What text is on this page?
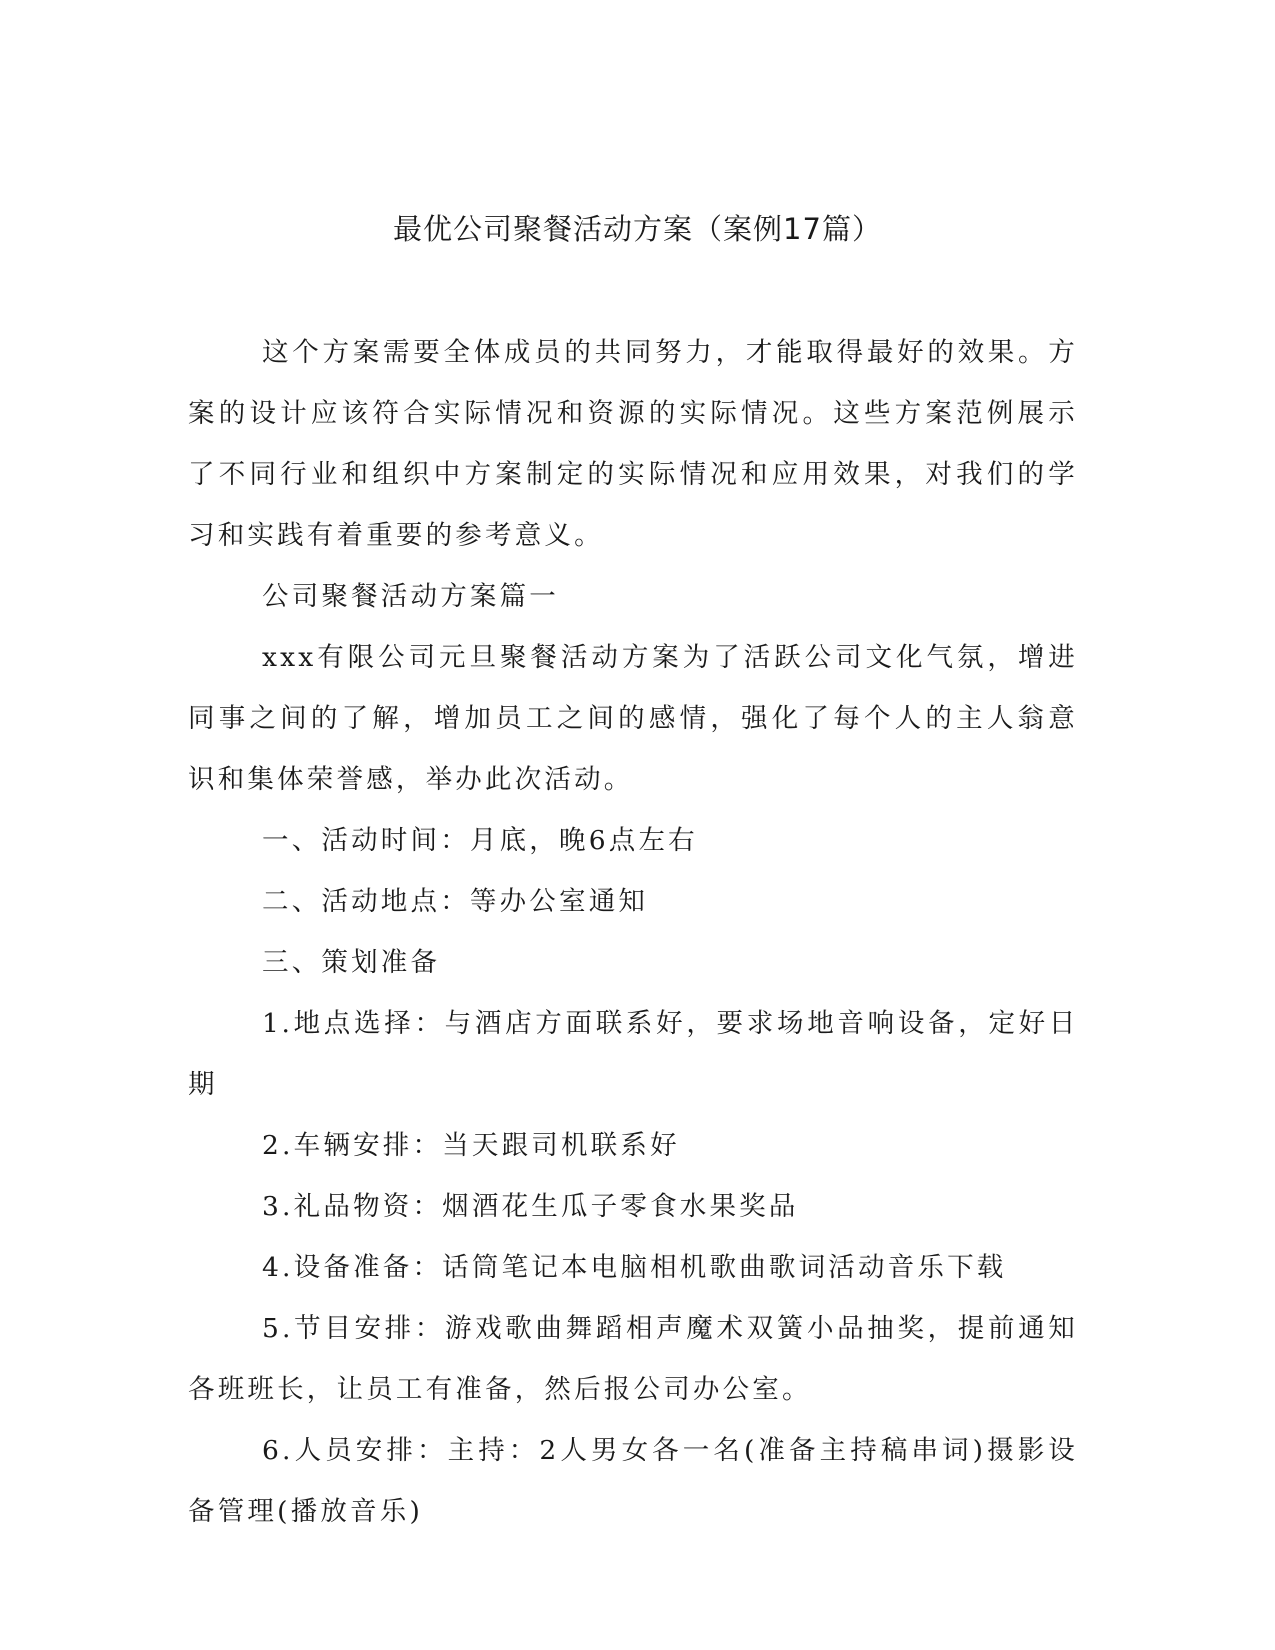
最优公司聚餐活动方案（案例17篇）

这个方案需要全体成员的共同努力，才能取得最好的效果。方案的设计应该符合实际情况和资源的实际情况。这些方案范例展示了不同行业和组织中方案制定的实际情况和应用效果，对我们的学习和实践有着重要的参考意义。

公司聚餐活动方案篇一

xxx有限公司元旦聚餐活动方案为了活跃公司文化气氛，增进同事之间的了解，增加员工之间的感情，强化了每个人的主人翁意识和集体荣誉感，举办此次活动。

一、活动时间：月底，晚6点左右

二、活动地点：等办公室通知

三、策划准备

1.地点选择：与酒店方面联系好，要求场地音响设备，定好日期

2.车辆安排：当天跟司机联系好

3.礼品物资：烟酒花生瓜子零食水果奖品

4.设备准备：话筒笔记本电脑相机歌曲歌词活动音乐下载

5.节目安排：游戏歌曲舞蹈相声魔术双簧小品抽奖，提前通知各班班长，让员工有准备，然后报公司办公室。

6.人员安排：主持：2人男女各一名(准备主持稿串词)摄影设备管理(播放音乐)
